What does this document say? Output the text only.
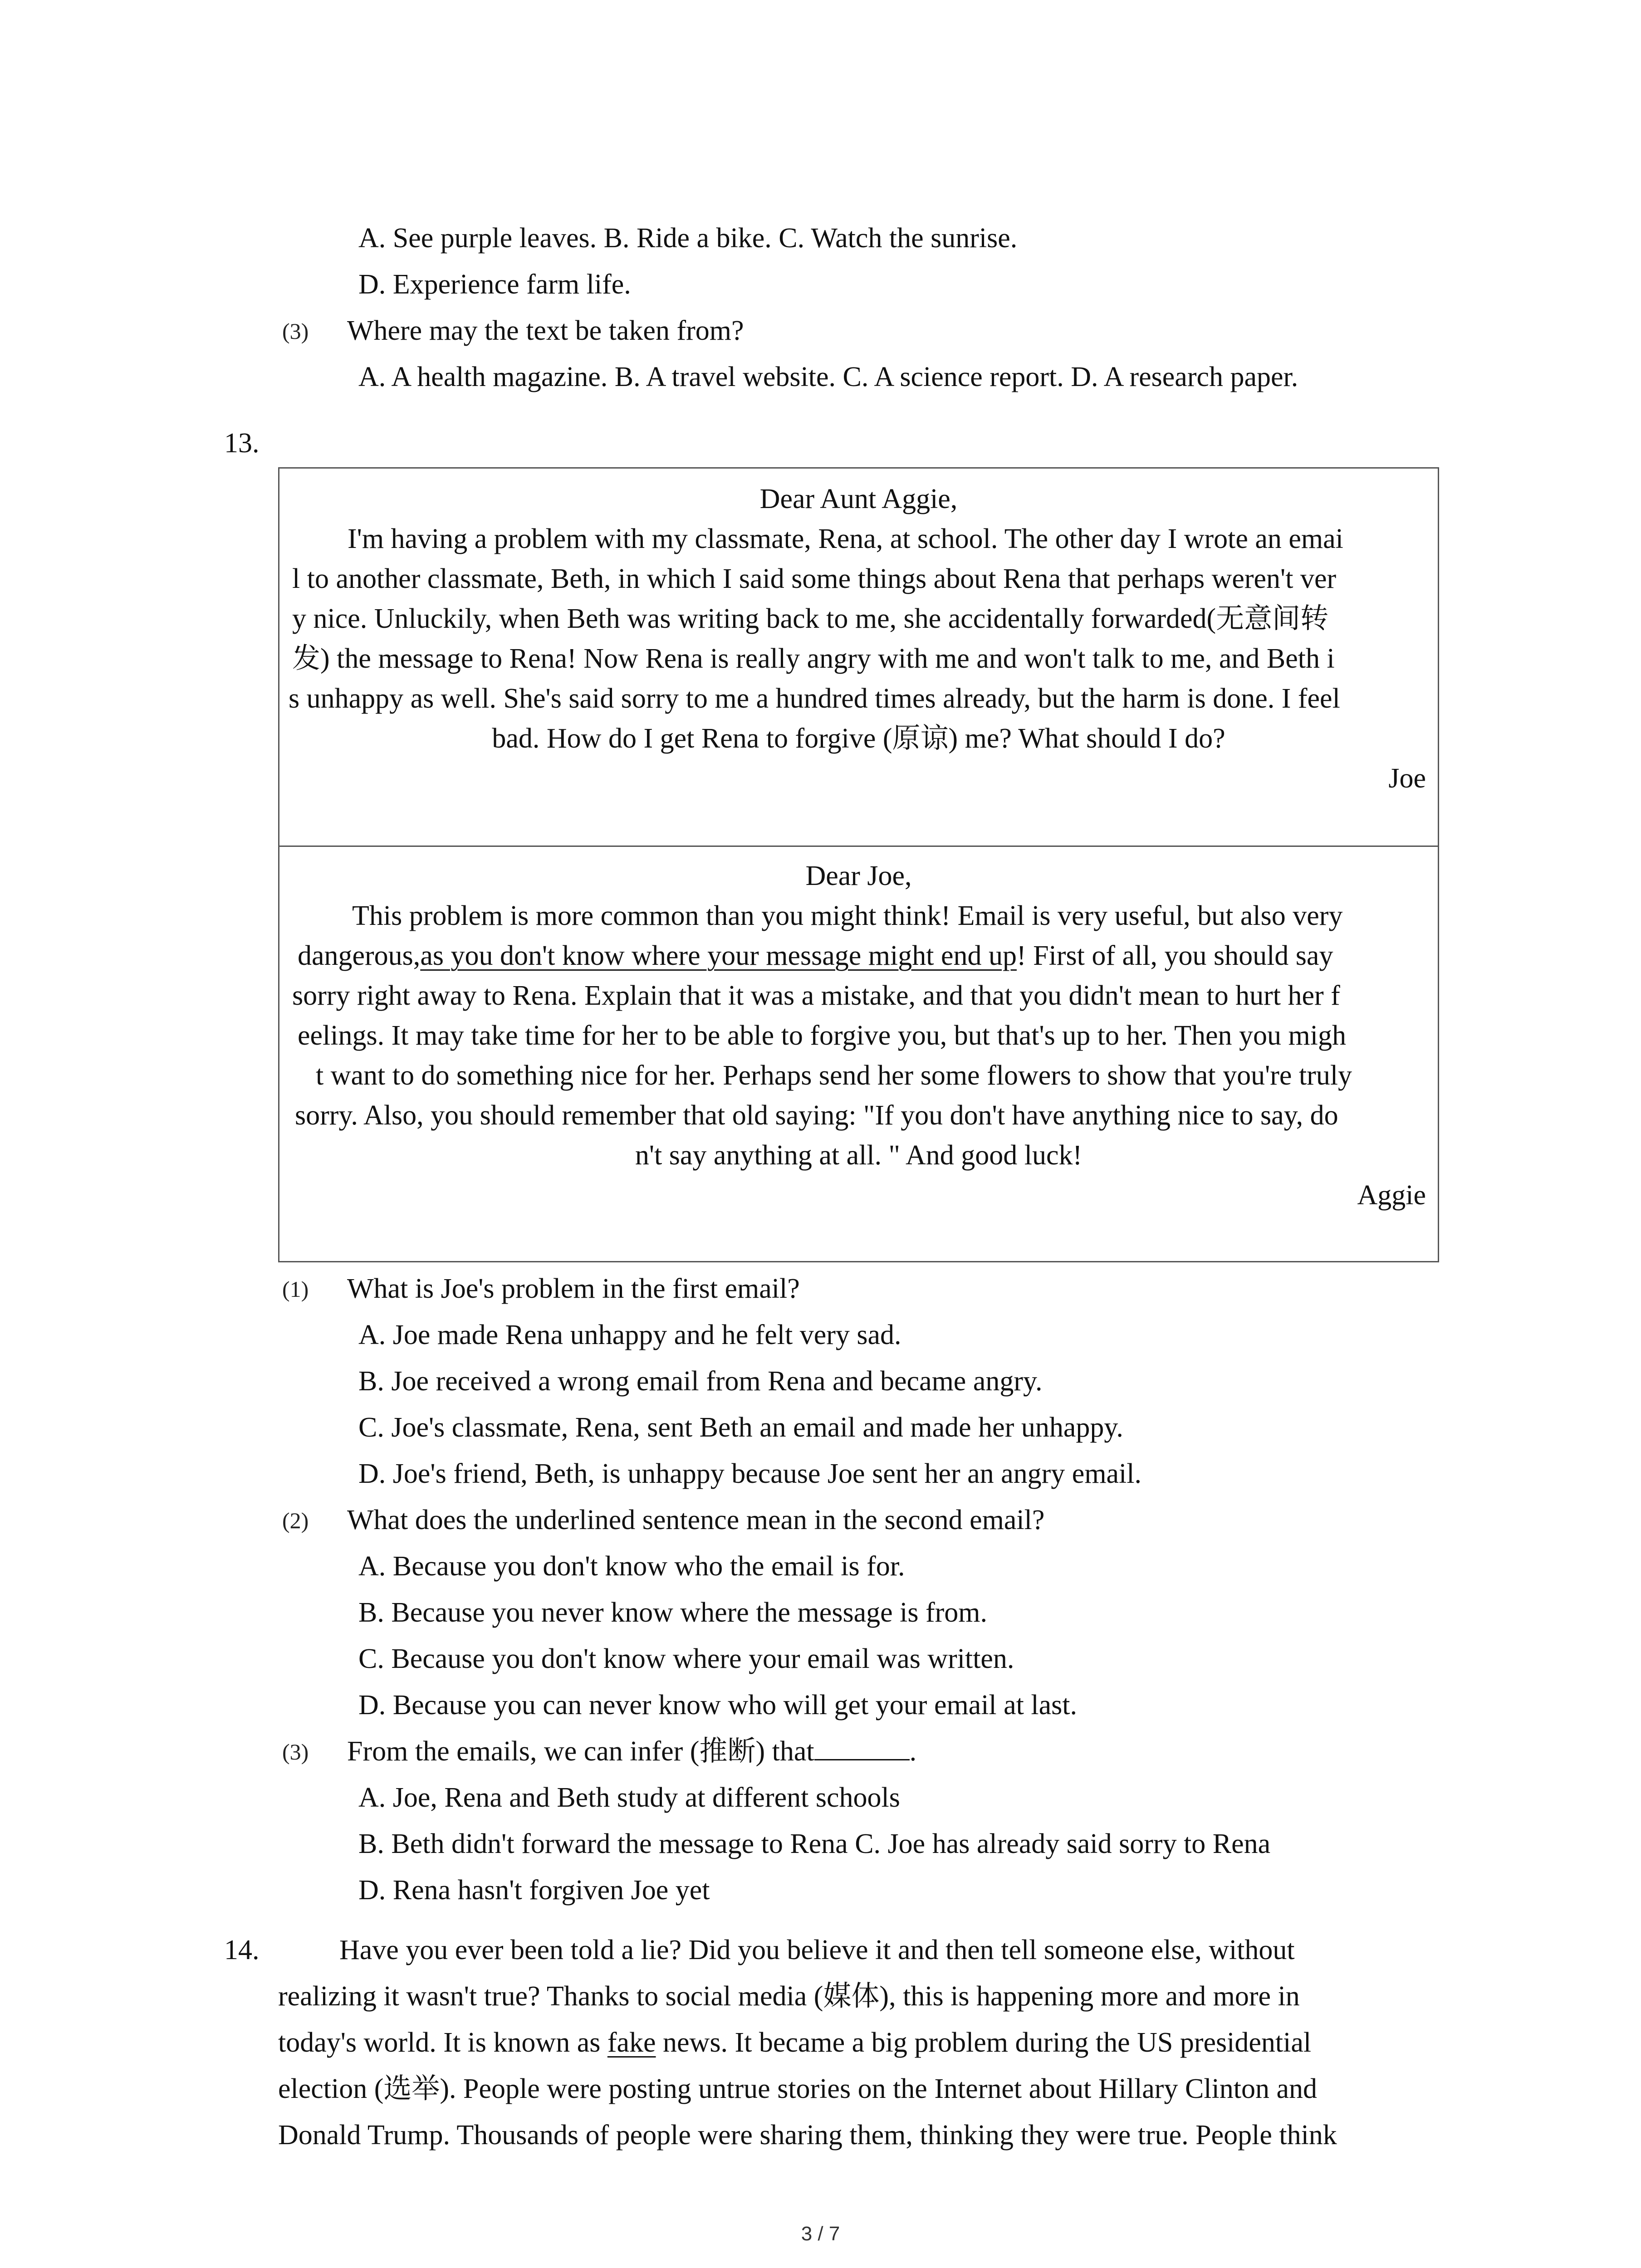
A. See purple leaves. B. Ride a bike. C. Watch the sunrise.
D. Experience farm life.
(3) Where may the text be taken from?
A. A health magazine. B. A travel website. C. A science report. D. A research paper.
13.
Dear Aunt Aggie,
I'm having a problem with my classmate, Rena, at school. The other day I wrote an emai
l to another classmate, Beth, in which I said some things about Rena that perhaps weren't ver
y nice. Unluckily, when Beth was writing back to me, she accidentally forwarded(无意间转
发) the message to Rena! Now Rena is really angry with me and won't talk to me, and Beth i
s unhappy as well. She's said sorry to me a hundred times already, but the harm is done. I feel
bad. How do I get Rena to forgive (原谅) me? What should I do?
Joe
Dear Joe,
This problem is more common than you might think! Email is very useful, but also very
dangerous,as you don't know where your message might end up! First of all, you should say
sorry right away to Rena. Explain that it was a mistake, and that you didn't mean to hurt her f
eelings. It may take time for her to be able to forgive you, but that's up to her. Then you migh
t want to do something nice for her. Perhaps send her some flowers to show that you're truly
sorry. Also, you should remember that old saying: "If you don't have anything nice to say, do
n't say anything at all. " And good luck!
Aggie
(1) What is Joe's problem in the first email?
A. Joe made Rena unhappy and he felt very sad.
B. Joe received a wrong email from Rena and became angry.
C. Joe's classmate, Rena, sent Beth an email and made her unhappy.
D. Joe's friend, Beth, is unhappy because Joe sent her an angry email.
(2) What does the underlined sentence mean in the second email?
A. Because you don't know who the email is for.
B. Because you never know where the message is from.
C. Because you don't know where your email was written.
D. Because you can never know who will get your email at last.
(3) From the emails, we can infer (推断) that	.
A. Joe, Rena and Beth study at different schools
B. Beth didn't forward the message to Rena C. Joe has already said sorry to Rena
D. Rena hasn't forgiven Joe yet
14.	Have you ever been told a lie? Did you believe it and then tell someone else, without
realizing it wasn't true? Thanks to social media (媒体), this is happening more and more in
today's world. It is known as fake news. It became a big problem during the US presidential
election (选举). People were posting untrue stories on the Internet about Hillary Clinton and
Donald Trump. Thousands of people were sharing them, thinking they were true. People think
3 / 7
